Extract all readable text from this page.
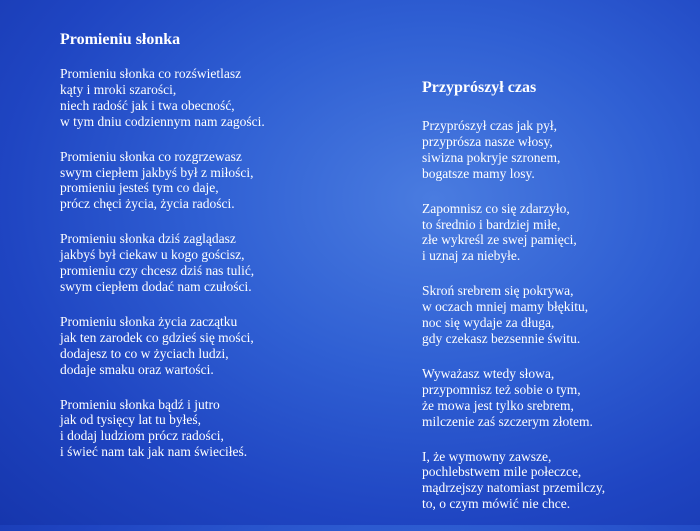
Promieniu słonka
Promieniu słonka co rozświetlasz
kąty i mroki szarości,
niech radość jak i twa obecność,
w tym dniu codziennym nam zagości.
Promieniu słonka co rozgrzewasz
swym ciepłem jakbyś był z miłości,
promieniu jesteś tym co daje,
prócz chęci życia, życia radości.
Promieniu słonka dziś zaglądasz
jakbyś był ciekaw u kogo gościsz,
promieniu czy chcesz dziś nas tulić,
swym ciepłem dodać nam czułości.
Promieniu słonka życia zaczątku
jak ten zarodek co gdzieś się mości,
dodajesz to co w życiach ludzi,
dodaje smaku oraz wartości.
Promieniu słonka bądź i jutro
jak od tysięcy lat tu byłeś,
i dodaj ludziom prócz radości,
i świeć nam tak jak nam świeciłeś.
Przyprószył czas
Przyprószył czas jak pył,
przyprósza nasze włosy,
siwizna pokryje szronem,
bogatsze mamy losy.
Zapomnisz co się zdarzyło,
to średnio i bardziej miłe,
złe wykreśl ze swej pamięci,
i uznaj za niebyłe.
Skroń srebrem się pokrywa,
w oczach mniej mamy błękitu,
noc się wydaje za długa,
gdy czekasz bezsennie świtu.
Wyważasz wtedy słowa,
przypomnisz też sobie o tym,
że mowa jest tylko srebrem,
milczenie zaś szczerym złotem.
I, że wymowny zawsze,
pochlebstwem mile połeczce,
mądrzejszy natomiast przemilczy,
to, o czym mówić nie chce.
